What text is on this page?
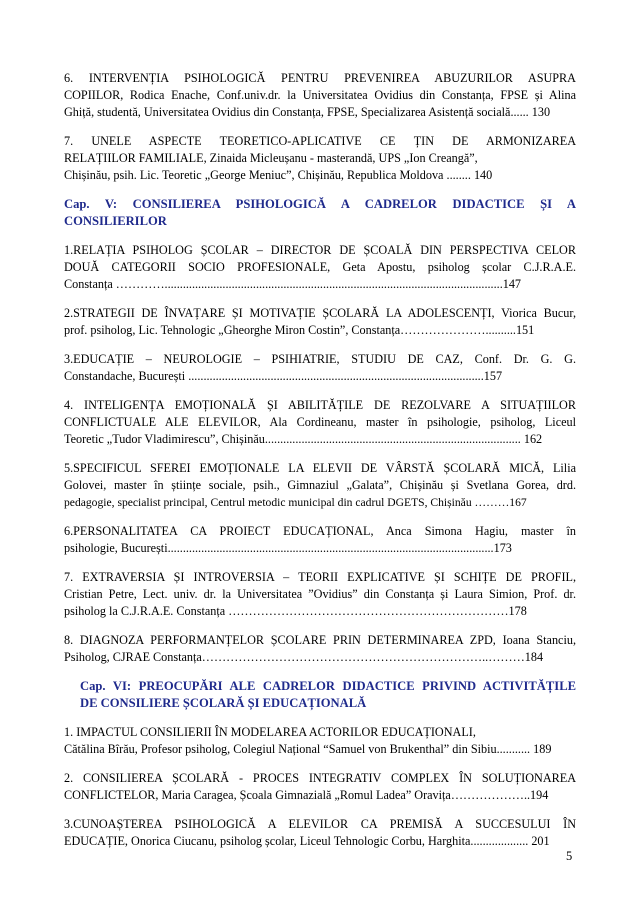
6. INTERVENȚIA PSIHOLOGICĂ PENTRU PREVENIREA ABUZURILOR ASUPRA
COPIILOR, Rodica Enache, Conf.univ.dr. la Universitatea Ovidius din Constanța, FPSE și Alina
Ghiță, studentă, Universitatea Ovidius din Constanța, FPSE, Specializarea Asistență socială...... 130
7. UNELE ASPECTE TEORETICO-APLICATIVE CE ȚIN DE ARMONIZAREA
RELAȚIILOR FAMILIALE, Zinaida Micleușanu - masterandă, UPS „Ion Creangă”,
Chișinău, psih. Lic. Teoretic „George Meniuc”, Chișinău, Republica Moldova ........ 140
Cap. V: CONSILIEREA PSIHOLOGICĂ A CADRELOR DIDACTICE ȘI A
CONSILIERILOR
1.RELAȚIA PSIHOLOG ȘCOLAR – DIRECTOR DE ȘCOALĂ DIN PERSPECTIVA CELOR
DOUĂ CATEGORII SOCIO PROFESIONALE, Geta Apostu, psiholog școlar C.J.R.A.E.
Constanța …………...............................................................................................................147
2.STRATEGII DE ÎNVAȚARE ȘI MOTIVAȚIE ȘCOLARĂ LA ADOLESCENȚI, Viorica Bucur,
prof. psiholog, Lic. Tehnologic „Gheorghe Miron Costin”, Constanța…………………..........151
3.EDUCAȚIE – NEUROLOGIE – PSIHIATRIE, STUDIU DE CAZ, Conf. Dr. G. G.
Constandache, București .................................................................................................157
4. INTELIGENȚA EMOȚIONALĂ ȘI ABILITĂȚILE DE REZOLVARE A SITUAȚIILOR
CONFLICTUALE ALE ELEVILOR, Ala Cordineanu, master în psihologie, psiholog, Liceul
Teoretic „Tudor Vladimirescu”, Chișinău.................................................................................... 162
5.SPECIFICUL SFEREI EMOȚIONALE LA ELEVII DE VÂRSTĂ ȘCOLARĂ MICĂ, Lilia
Golovei, master în științe sociale, psih., Gimnaziul „Galata”, Chișinău și Svetlana Gorea, drd.
pedagogie, specialist principal, Centrul metodic municipal din cadrul DGETS, Chișinău ………167
6.PERSONALITATEA CA PROIECT EDUCAȚIONAL, Anca Simona Hagiu, master în
psihologie, București...........................................................................................................173
7. EXTRAVERSIA ȘI INTROVERSIA – TEORII EXPLICATIVE ȘI SCHIȚE DE PROFIL,
Cristian Petre, Lect. univ. dr. la Universitatea ”Ovidius” din Constanța și Laura Simion, Prof. dr.
psiholog la C.J.R.A.E. Constanța ……………………………………………………………178
8. DIAGNOZA PERFORMANȚELOR ȘCOLARE PRIN DETERMINAREA ZPD, Ioana Stanciu,
Psiholog, CJRAE Constanța……………………………………………………………..………184
Cap. VI: PREOCUPĂRI ALE CADRELOR DIDACTICE PRIVIND ACTIVITĂȚILE
DE CONSILIERE ȘCOLARĂ ȘI EDUCAȚIONALĂ
1. IMPACTUL CONSILIERII ÎN MODELAREA ACTORILOR EDUCAȚIONALI,
Cătălina Bîrău, Profesor psiholog, Colegiul Național “Samuel von Brukenthal” din Sibiu........... 189
2. CONSILIEREA ȘCOLARĂ - PROCES INTEGRATIV COMPLEX ÎN SOLUȚIONAREA
CONFLICTELOR, Maria Caragea, Școala Gimnazială „Romul Ladea” Oravița………………..194
3.CUNOAȘTEREA PSIHOLOGICĂ A ELEVILOR CA PREMISĂ A SUCCESULUI ÎN
EDUCAȚIE, Onorica Ciucanu, psiholog școlar, Liceul Tehnologic Corbu, Harghita................... 201
5
